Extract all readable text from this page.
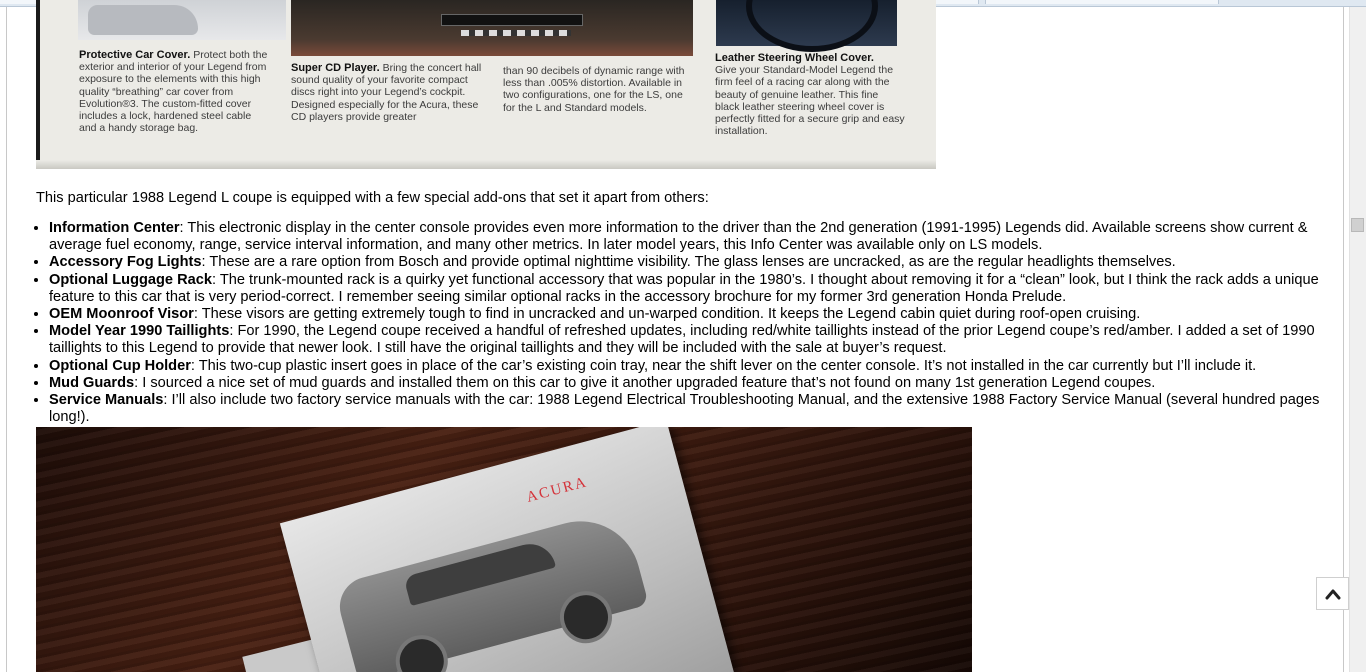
Protective Car Cover. Protect both the exterior and interior of your Legend from exposure to the elements with this high quality “breathing” car cover from Evolution®3. The custom-fitted cover includes a lock, hardened steel cable and a handy storage bag.
Super CD Player. Bring the concert hall sound quality of your favorite compact discs right into your Legend’s cockpit. Designed especially for the Acura, these CD players provide greater
than 90 decibels of dynamic range with less than .005% distortion. Available in two configurations, one for the LS, one for the L and Standard models.
Leather Steering Wheel Cover.
Give your Standard-Model Legend the firm feel of a racing car along with the beauty of genuine leather. This fine black leather steering wheel cover is perfectly fitted for a secure grip and easy installation.

This particular 1988 Legend L coupe is equipped with a few special add-ons that set it apart from others:

• Information Center: This electronic display in the center console provides even more information to the driver than the 2nd generation (1991-1995) Legends did. Available screens show current & average fuel economy, range, service interval information, and many other metrics. In later model years, this Info Center was available only on LS models.
• Accessory Fog Lights: These are a rare option from Bosch and provide optimal nighttime visibility. The glass lenses are uncracked, as are the regular headlights themselves.
• Optional Luggage Rack: The trunk-mounted rack is a quirky yet functional accessory that was popular in the 1980’s. I thought about removing it for a “clean” look, but I think the rack adds a unique feature to this car that is very period-correct. I remember seeing similar optional racks in the accessory brochure for my former 3rd generation Honda Prelude.
• OEM Moonroof Visor: These visors are getting extremely tough to find in uncracked and un-warped condition. It keeps the Legend cabin quiet during roof-open cruising.
• Model Year 1990 Taillights: For 1990, the Legend coupe received a handful of refreshed updates, including red/white taillights instead of the prior Legend coupe’s red/amber. I added a set of 1990 taillights to this Legend to provide that newer look. I still have the original taillights and they will be included with the sale at buyer’s request.
• Optional Cup Holder: This two-cup plastic insert goes in place of the car’s existing coin tray, near the shift lever on the center console. It’s not installed in the car currently but I’ll include it.
• Mud Guards: I sourced a nice set of mud guards and installed them on this car to give it another upgraded feature that’s not found on many 1st generation Legend coupes.
• Service Manuals: I’ll also include two factory service manuals with the car: 1988 Legend Electrical Troubleshooting Manual, and the extensive 1988 Factory Service Manual (several hundred pages long!).
ACURA
